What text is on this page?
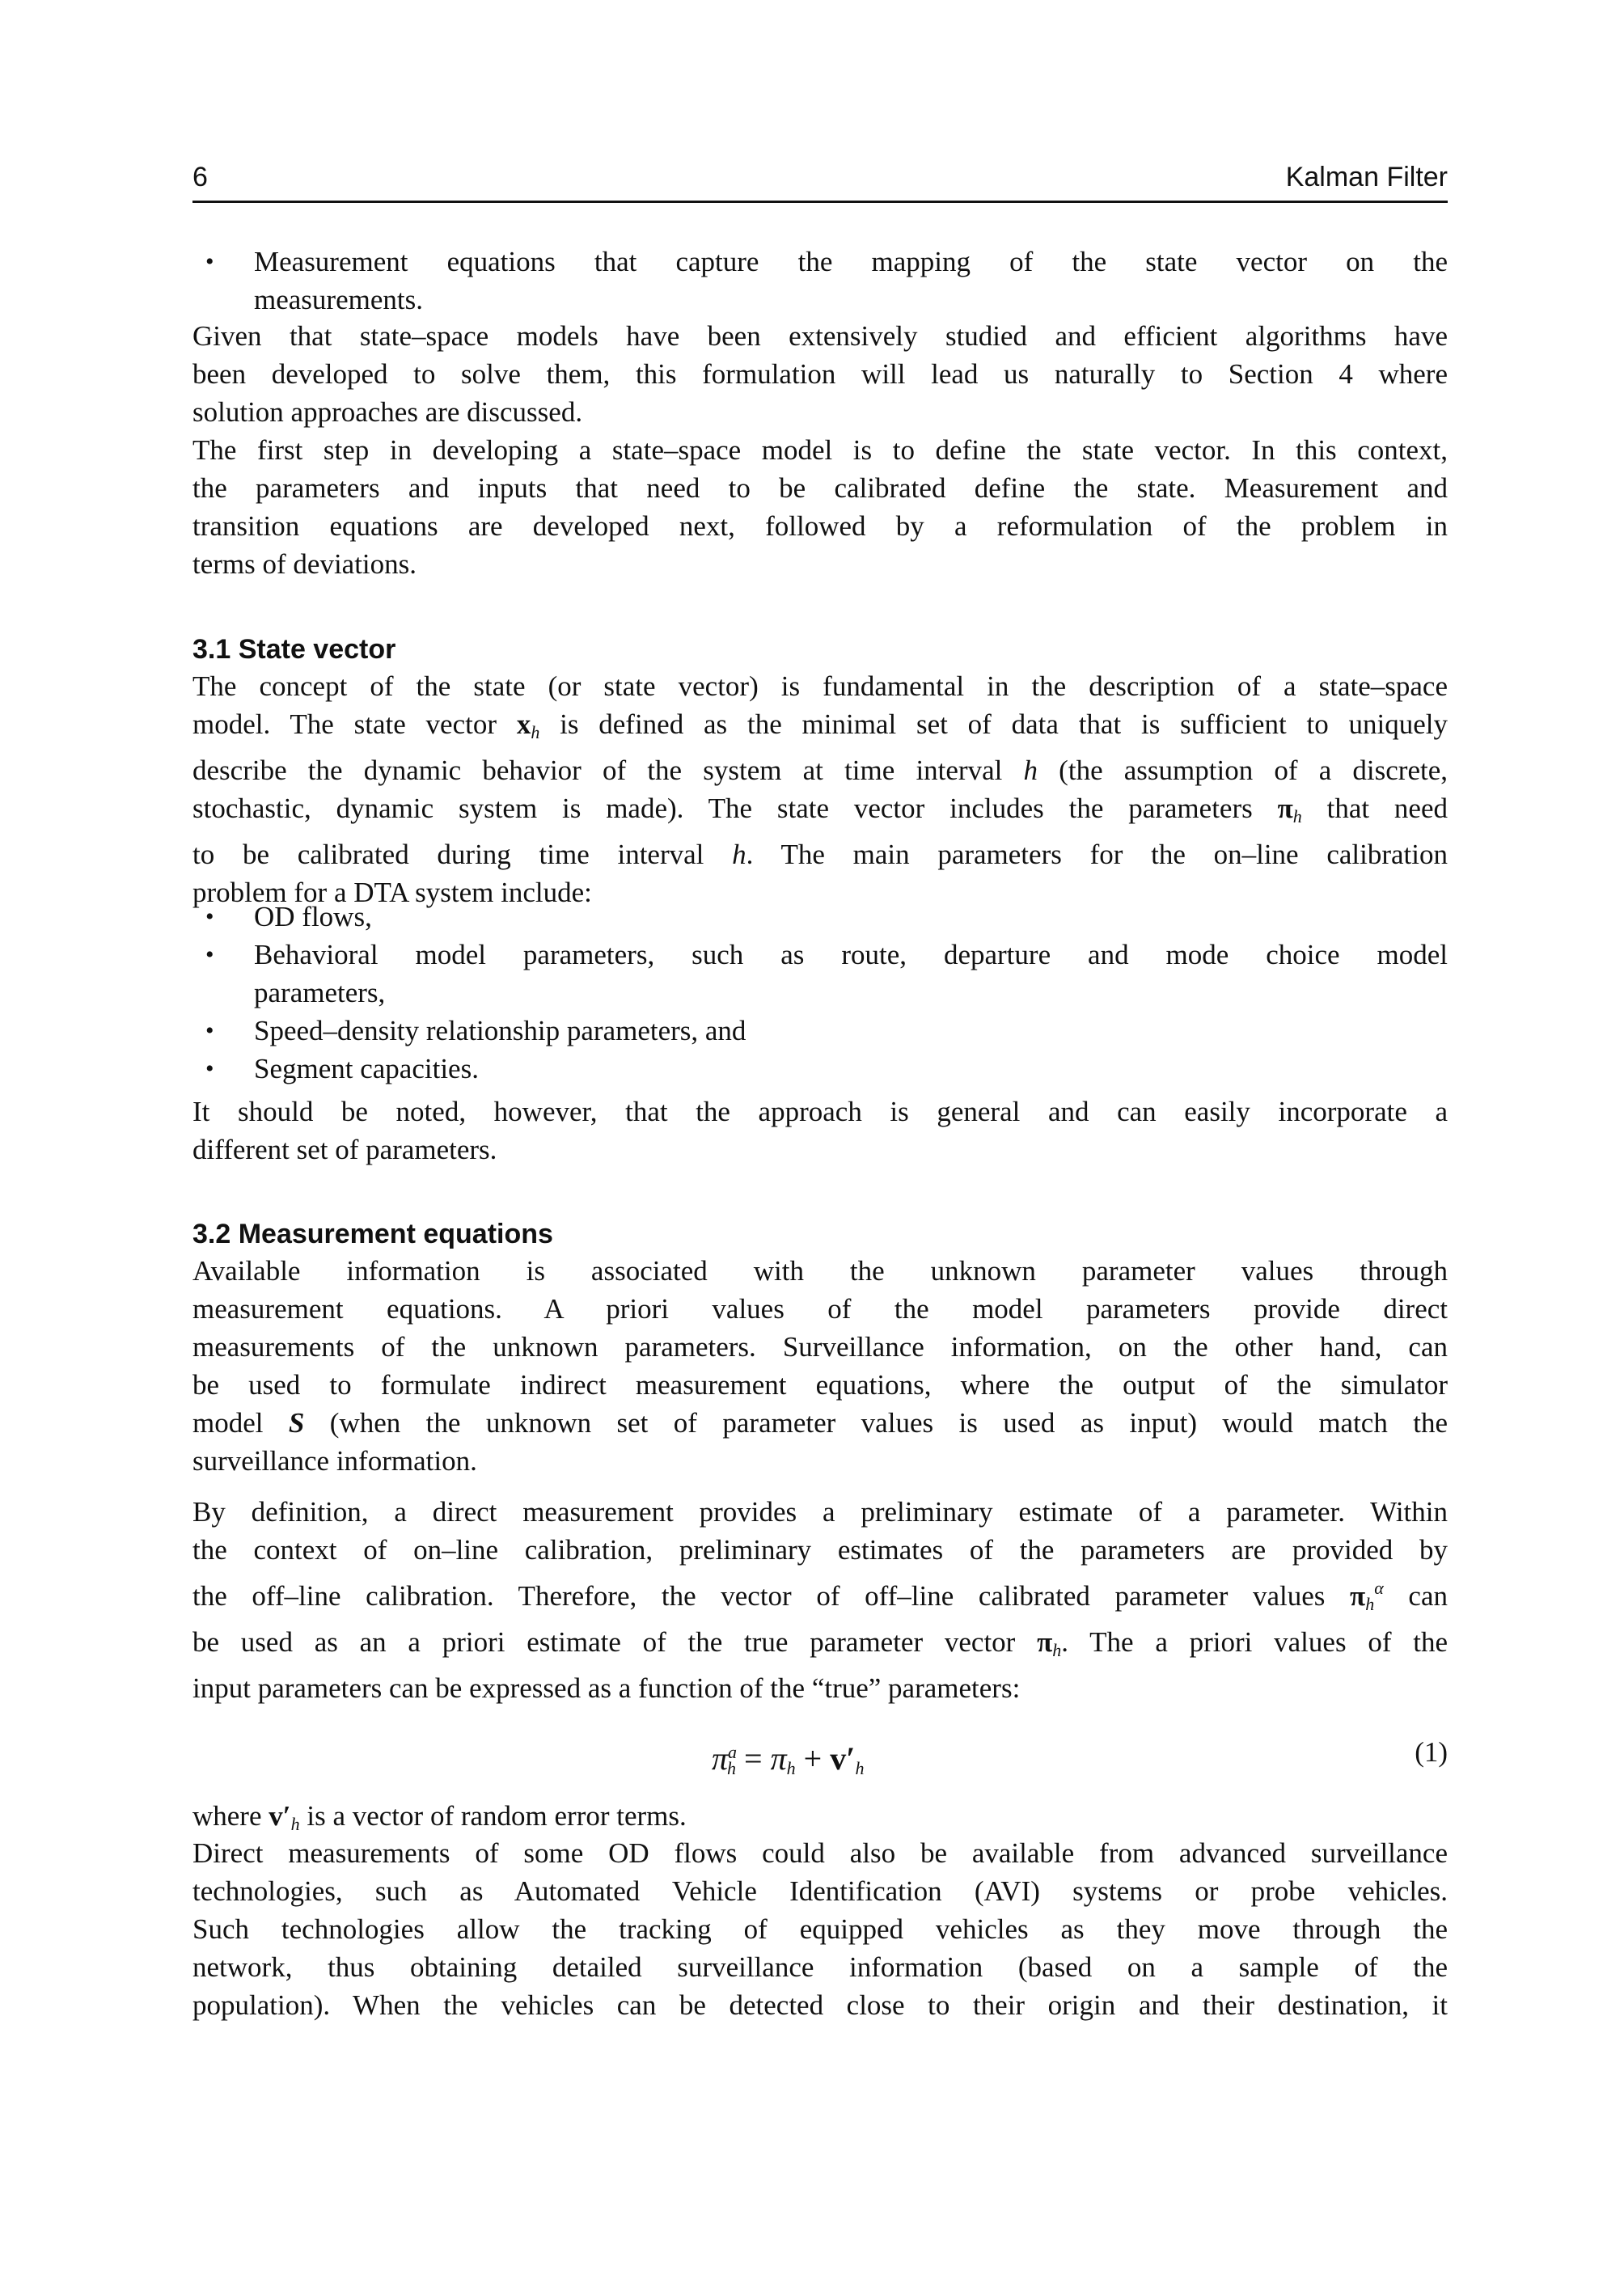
6	Kalman Filter
• Measurement equations that capture the mapping of the state vector on the
measurements.
Given that state–space models have been extensively studied and efficient algorithms have
been developed to solve them, this formulation will lead us naturally to Section 4 where
solution approaches are discussed.
The first step in developing a state–space model is to define the state vector. In this context,
the parameters and inputs that need to be calibrated define the state. Measurement and
transition equations are developed next, followed by a reformulation of the problem in
terms of deviations.
3.1 State vector
The concept of the state (or state vector) is fundamental in the description of a state–space
model. The state vector $x_h$ is defined as the minimal set of data that is sufficient to uniquely
describe the dynamic behavior of the system at time interval h (the assumption of a discrete,
stochastic, dynamic system is made). The state vector includes the parameters $\pi_h$ that need
to be calibrated during time interval h. The main parameters for the on–line calibration
problem for a DTA system include:
• OD flows,
• Behavioral model parameters, such as route, departure and mode choice model
parameters,
• Speed–density relationship parameters, and
• Segment capacities.
It should be noted, however, that the approach is general and can easily incorporate a
different set of parameters.
3.2 Measurement equations
Available information is associated with the unknown parameter values through
measurement equations. A priori values of the model parameters provide direct
measurements of the unknown parameters. Surveillance information, on the other hand, can
be used to formulate indirect measurement equations, where the output of the simulator
model S (when the unknown set of parameter values is used as input) would match the
surveillance information.
By definition, a direct measurement provides a preliminary estimate of a parameter. Within
the context of on–line calibration, preliminary estimates of the parameters are provided by
the off–line calibration. Therefore, the vector of off–line calibrated parameter values $\pi_h^\alpha$ can
be used as an a priori estimate of the true parameter vector $\pi_h$. The a priori values of the
input parameters can be expressed as a function of the “true” parameters:
where $v'_h$ is a vector of random error terms.
Direct measurements of some OD flows could also be available from advanced surveillance
technologies, such as Automated Vehicle Identification (AVI) systems or probe vehicles.
Such technologies allow the tracking of equipped vehicles as they move through the
network, thus obtaining detailed surveillance information (based on a sample of the
population). When the vehicles can be detected close to their origin and their destination, it
$\pi^a_h = \pi_h + v'_h$
(1)
